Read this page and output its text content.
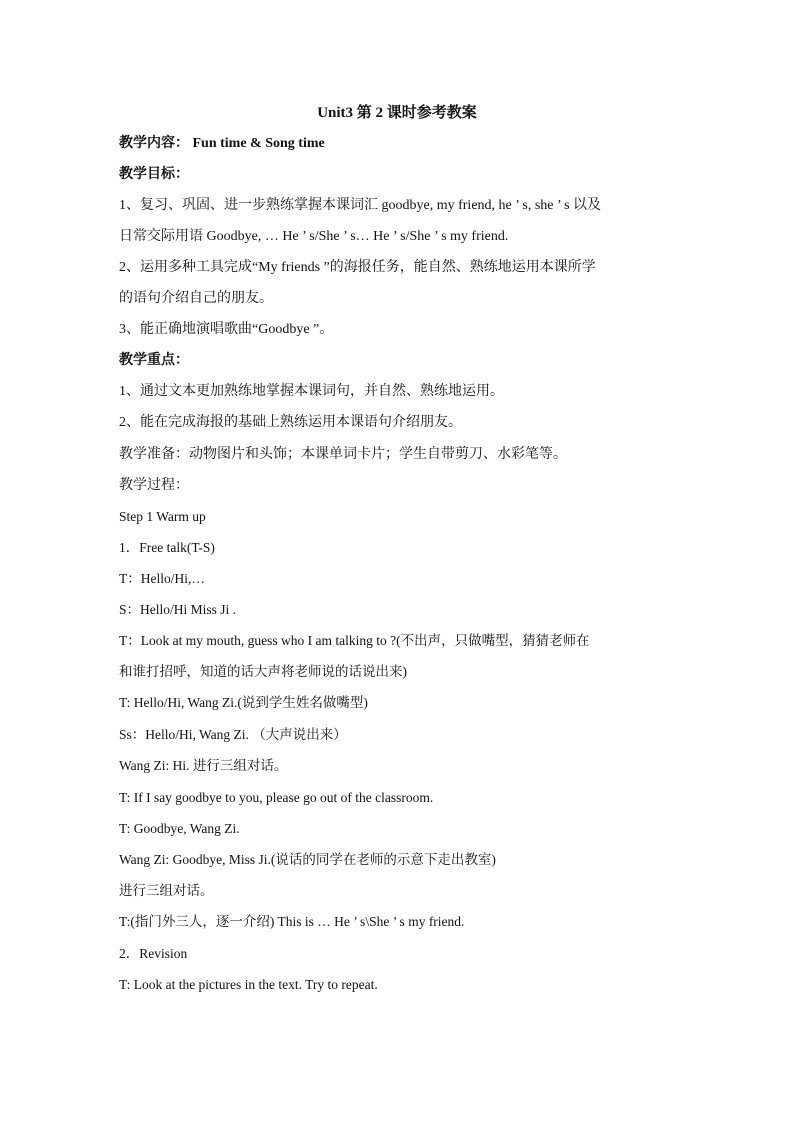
Unit3 第 2 课时参考教案
教学内容： Fun time & Song time
教学目标：
1、复习、巩固、进一步熟练掌握本课词汇 goodbye, my friend, he ’ s, she ’ s 以及
日常交际用语 Goodbye, … He ’ s/She ’ s… He ’ s/She ’ s my friend.
2、运用多种工具完成“My friends ”的海报任务，能自然、熟练地运用本课所学
的语句介绍自己的朋友。
3、能正确地演唱歌曲“Goodbye ”。
教学重点：
1、通过文本更加熟练地掌握本课词句，并自然、熟练地运用。
2、能在完成海报的基础上熟练运用本课语句介绍朋友。
教学准备：动物图片和头饰；本课单词卡片；学生自带剪刀、水彩笔等。
教学过程：
Step 1 Warm up
1．Free talk(T-S)
T：Hello/Hi,…
S：Hello/Hi Miss Ji .
T：Look at my mouth, guess who I am talking to ?(不出声，只做嘴型，猜猜老师在
和谁打招呼，知道的话大声将老师说的话说出来)
T: Hello/Hi, Wang Zi.(说到学生姓名做嘴型)
Ss：Hello/Hi, Wang Zi. （大声说出来）
Wang Zi: Hi. 进行三组对话。
T: If I say goodbye to you, please go out of the classroom.
T: Goodbye, Wang Zi.
Wang Zi: Goodbye, Miss Ji.(说话的同学在老师的示意下走出教室)
进行三组对话。
T:(指门外三人，逐一介绍) This is … He ’ s\She ’ s my friend.
2．Revision
T: Look at the pictures in the text. Try to repeat.
